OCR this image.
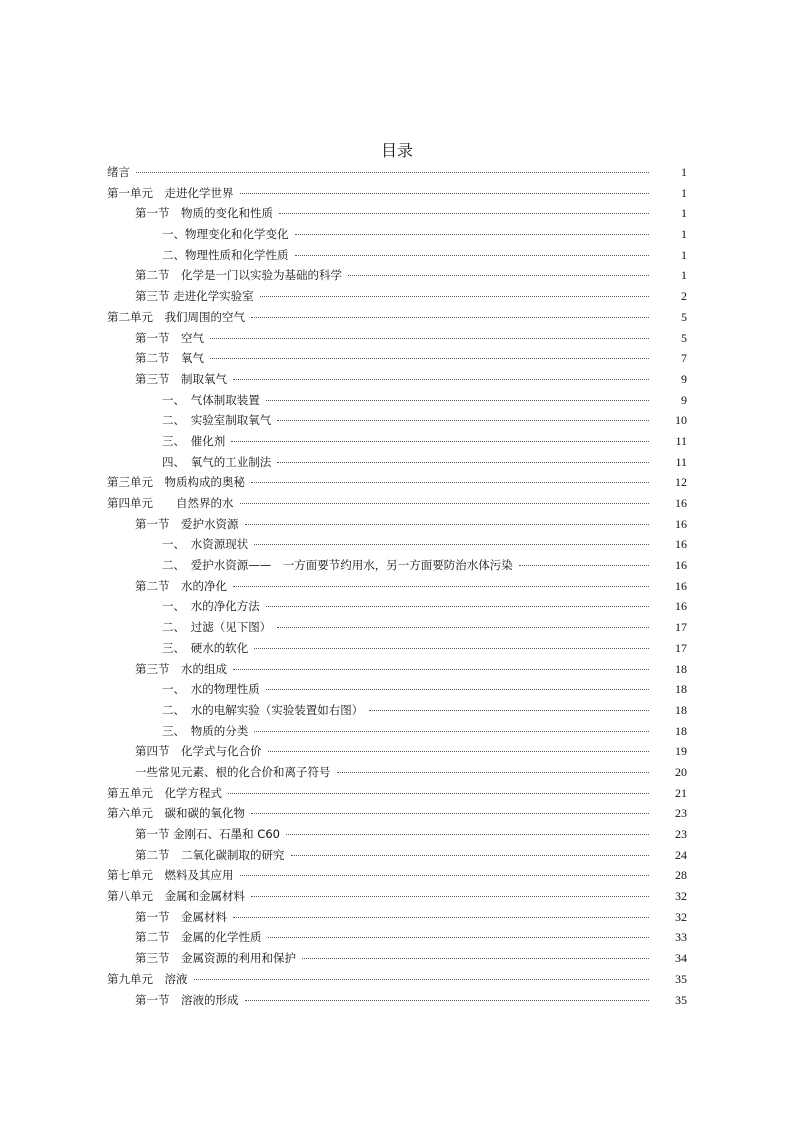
目录
绪言	1
第一单元　走进化学世界	1
第一节　物质的变化和性质	1
一、物理变化和化学变化	1
二、物理性质和化学性质	1
第二节　化学是一门以实验为基础的科学	1
第三节 走进化学实验室	2
第二单元　我们周围的空气	5
第一节　空气	5
第二节　氧气	7
第三节　制取氧气	9
一、　气体制取装置	9
二、　实验室制取氧气	10
三、　催化剂	11
四、　氧气的工业制法	11
第三单元　物质构成的奥秘	12
第四单元　　自然界的水	16
第一节　爱护水资源	16
一、　水资源现状	16
二、　爱护水资源——　一方面要节约用水，另一方面要防治水体污染	16
第二节　水的净化	16
一、　水的净化方法	16
二、　过滤（见下图）	17
三、　硬水的软化	17
第三节　水的组成	18
一、　水的物理性质	18
二、　水的电解实验（实验装置如右图）	18
三、　物质的分类	18
第四节　化学式与化合价	19
一些常见元素、根的化合价和离子符号	20
第五单元　化学方程式	21
第六单元　碳和碳的氧化物	23
第一节 金刚石、石墨和 C60	23
第二节　二氧化碳制取的研究	24
第七单元　燃料及其应用	28
第八单元　金属和金属材料	32
第一节　金属材料	32
第二节　金属的化学性质	33
第三节　金属资源的利用和保护	34
第九单元　溶液	35
第一节　溶液的形成	35
